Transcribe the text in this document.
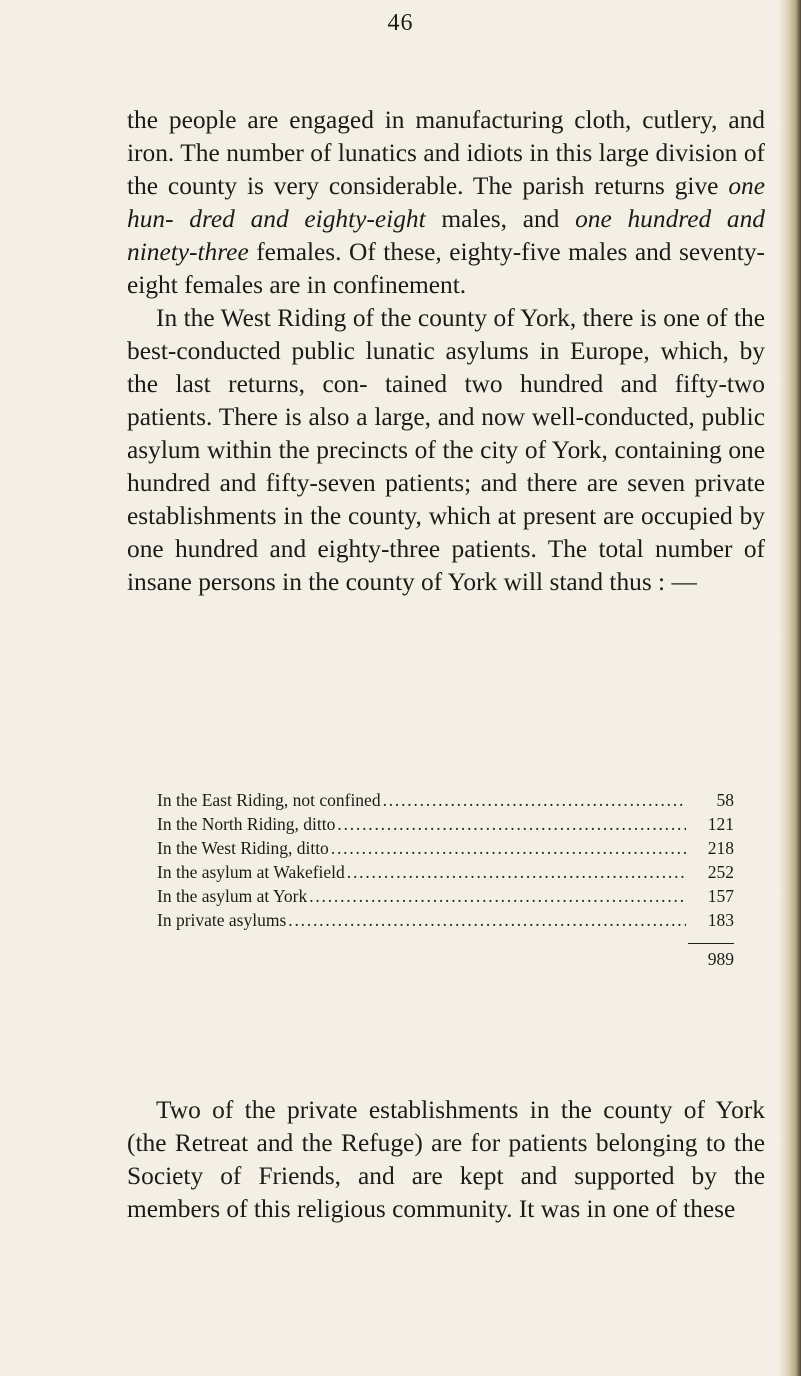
46

the people are engaged in manufacturing cloth, cutlery, and iron. The number of lunatics and idiots in this large division of the county is very considerable. The parish returns give one hun- dred and eighty-eight males, and one hundred and ninety-three females. Of these, eighty-five males and seventy-eight females are in confinement.

In the West Riding of the county of York, there is one of the best-conducted public lunatic asylums in Europe, which, by the last returns, con- tained two hundred and fifty-two patients. There is also a large, and now well-conducted, public asylum within the precincts of the city of York, containing one hundred and fifty-seven patients; and there are seven private establishments in the county, which at present are occupied by one hundred and eighty-three patients. The total number of insane persons in the county of York will stand thus : —

In the East Riding, not confined .....	58
In the North Riding, ditto .....	121
In the West Riding, ditto .....	218
In the asylum at Wakefield .....	252
In the asylum at York .....	157
In private asylums .....	183
989

Two of the private establishments in the county of York (the Retreat and the Refuge) are for patients belonging to the Society of Friends, and are kept and supported by the members of this religious community. It was in one of these
